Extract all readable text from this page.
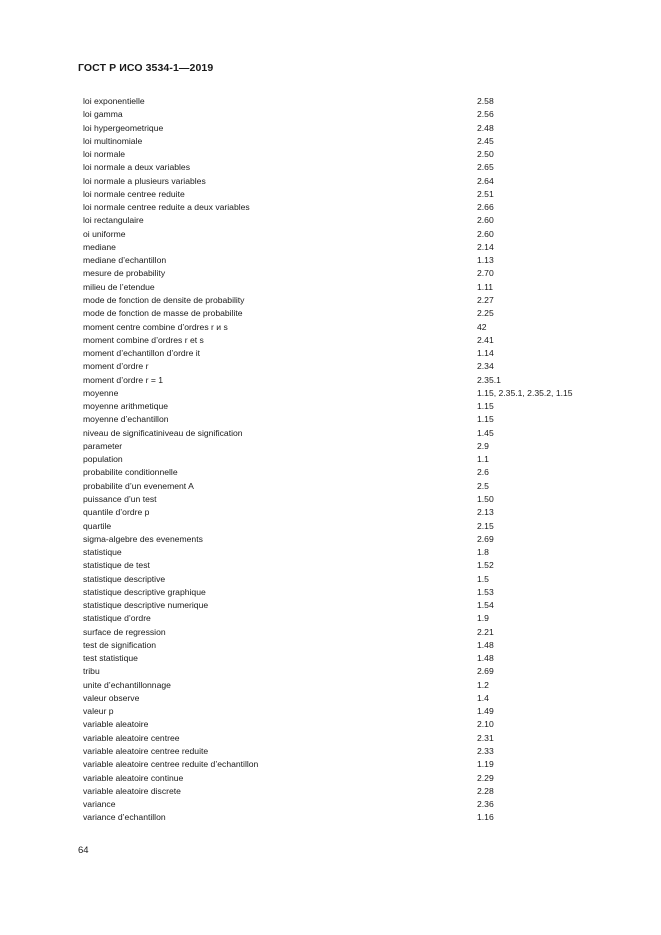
ГОСТ Р ИСО 3534-1—2019
loi exponentielle	2.58
loi gamma	2.56
loi hypergeometrique	2.48
loi multinomiale	2.45
loi normale	2.50
loi normale a deux variables	2.65
loi normale a plusieurs variables	2.64
loi normale centree reduite	2.51
loi normale centree reduite a deux variables	2.66
loi rectangulaire	2.60
oi uniforme	2.60
mediane	2.14
mediane d’echantillon	1.13
mesure de probability	2.70
milieu de l’etendue	1.11
mode de fonction de densite de probability	2.27
mode de fonction de masse de probabilite	2.25
moment centre combine d’ordres r и s	42
moment combine d’ordres r et s	2.41
moment d’echantillon d’ordre it	1.14
moment d’ordre r	2.34
moment d’ordre r = 1	2.35.1
moyenne	1.15, 2.35.1, 2.35.2, 1.15
moyenne arithmetique	1.15
moyenne d’echantillon	1.15
niveau de significatiniveau de signification	1.45
parameter	2.9
population	1.1
probabilite conditionnelle	2.6
probabilite d’un evenement A	2.5
puissance d’un test	1.50
quantile d’ordre p	2.13
quartile	2.15
sigma-algebre des evenements	2.69
statistique	1.8
statistique de test	1.52
statistique descriptive	1.5
statistique descriptive graphique	1.53
statistique descriptive numerique	1.54
statistique d’ordre	1.9
surface de regression	2.21
test de signification	1.48
test statistique	1.48
tribu	2.69
unite d’echantillonnage	1.2
valeur observe	1.4
valeur p	1.49
variable aleatoire	2.10
variable aleatoire centree	2.31
variable aleatoire centree reduite	2.33
variable aleatoire centree reduite d’echantillon	1.19
variable aleatoire continue	2.29
variable aleatoire discrete	2.28
variance	2.36
variance d’echantillon	1.16
64
